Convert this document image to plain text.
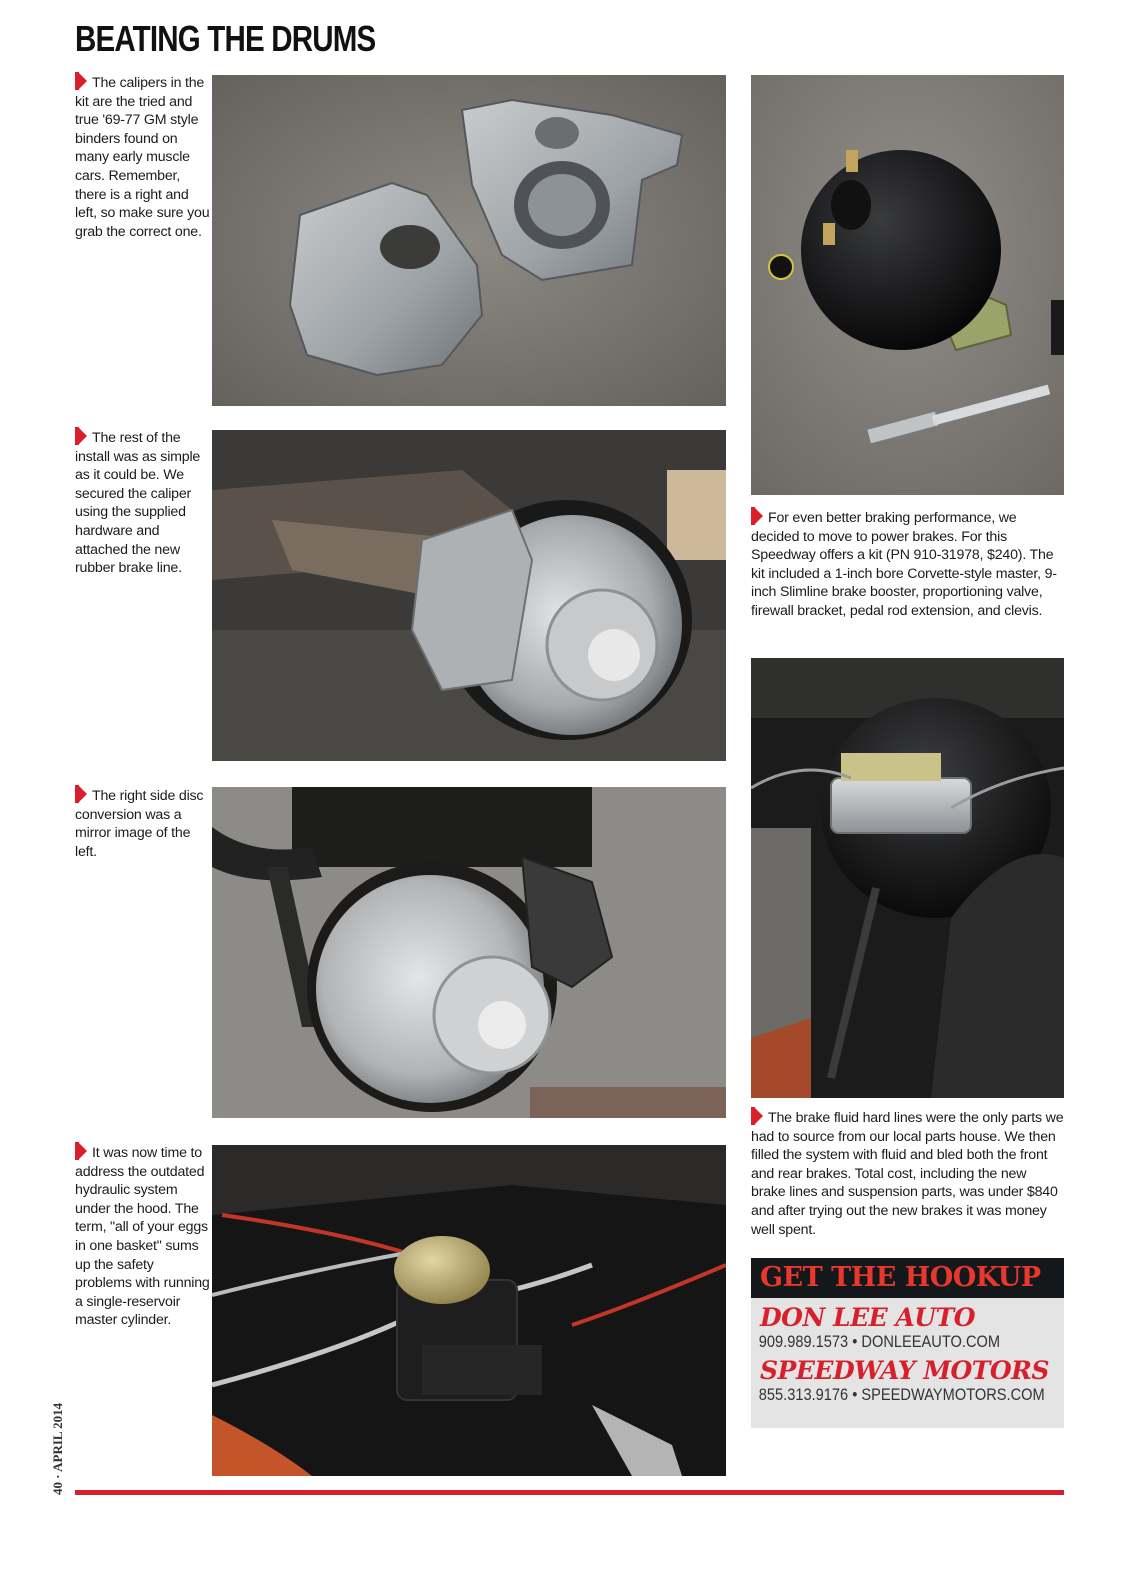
BEATING THE DRUMS
The calipers in the kit are the tried and true '69-77 GM style binders found on many early muscle cars. Remember, there is a right and left, so make sure you grab the correct one.
The rest of the install was as simple as it could be. We secured the caliper using the supplied hardware and attached the new rubber brake line.
The right side disc conversion was a mirror image of the left.
It was now time to address the outdated hydraulic system under the hood. The term, "all of your eggs in one basket" sums up the safety problems with running a single-reservoir master cylinder.
For even better braking performance, we decided to move to power brakes. For this Speedway offers a kit (PN 910-31978, $240). The kit included a 1-inch bore Corvette-style master, 9-inch Slimline brake booster, proportioning valve, firewall bracket, pedal rod extension, and clevis.
The brake fluid hard lines were the only parts we had to source from our local parts house. We then filled the system with fluid and bled both the front and rear brakes. Total cost, including the new brake lines and suspension parts, was under $840 and after trying out the new brakes it was money well spent.
GET THE HOOKUP
DON LEE AUTO
909.989.1573 • DONLEEAUTO.COM
SPEEDWAY MOTORS
855.313.9176 • SPEEDWAYMOTORS.COM
40 · APRIL 2014
